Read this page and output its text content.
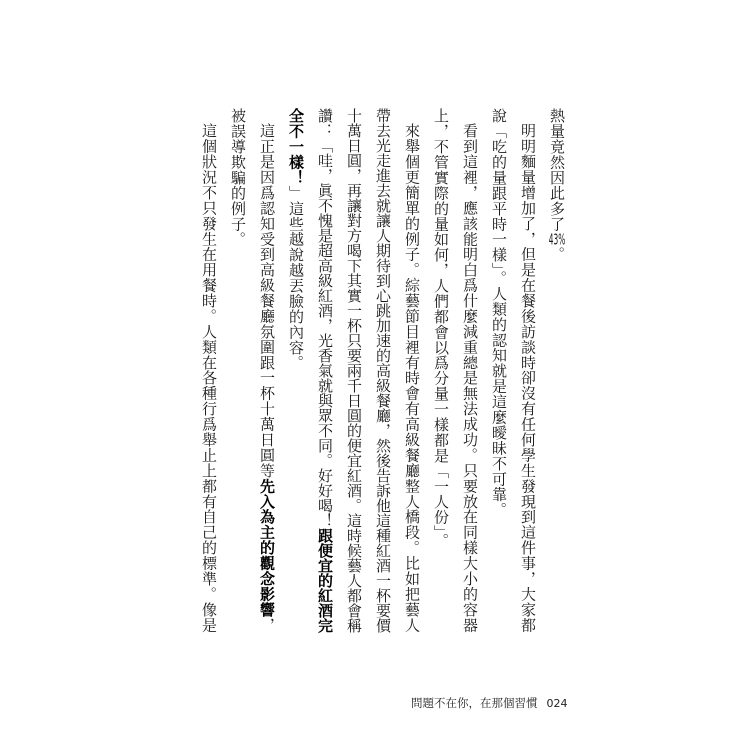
熱量竟然因此多了43%。

明明麵量增加了，但是在餐後訪談時卻沒有任何學生發現到這件事，大家都

說「吃的量跟平時一樣」。人類的認知就是這麼曖昧不可靠。

看到這裡，應該能明白爲什麼減重總是無法成功。只要放在同樣大小的容器

上，不管實際的量如何，人們都會以爲分量一樣都是「一人份」。

來舉個更簡單的例子。綜藝節目裡有時會有高級餐廳整人橋段。比如把藝人

帶去光走進去就讓人期待到心跳加速的高級餐廳，然後告訴他這種紅酒一杯要價

十萬日圓，再讓對方喝下其實一杯只要兩千日圓的便宜紅酒。這時候藝人都會稱

讚：「哇，眞不愧是超高級紅酒，光香氣就與眾不同。好好喝！跟便宜的紅酒完

全不一樣！」這些越說越丟臉的內容。

這正是因爲認知受到高級餐廳氛圍跟一杯十萬日圓等先入為主的觀念影響，

被誤導欺騙的例子。

這個狀況不只發生在用餐時。人類在各種行爲舉止上都有自己的標準。像是

問題不在你，在那個習慣 024
